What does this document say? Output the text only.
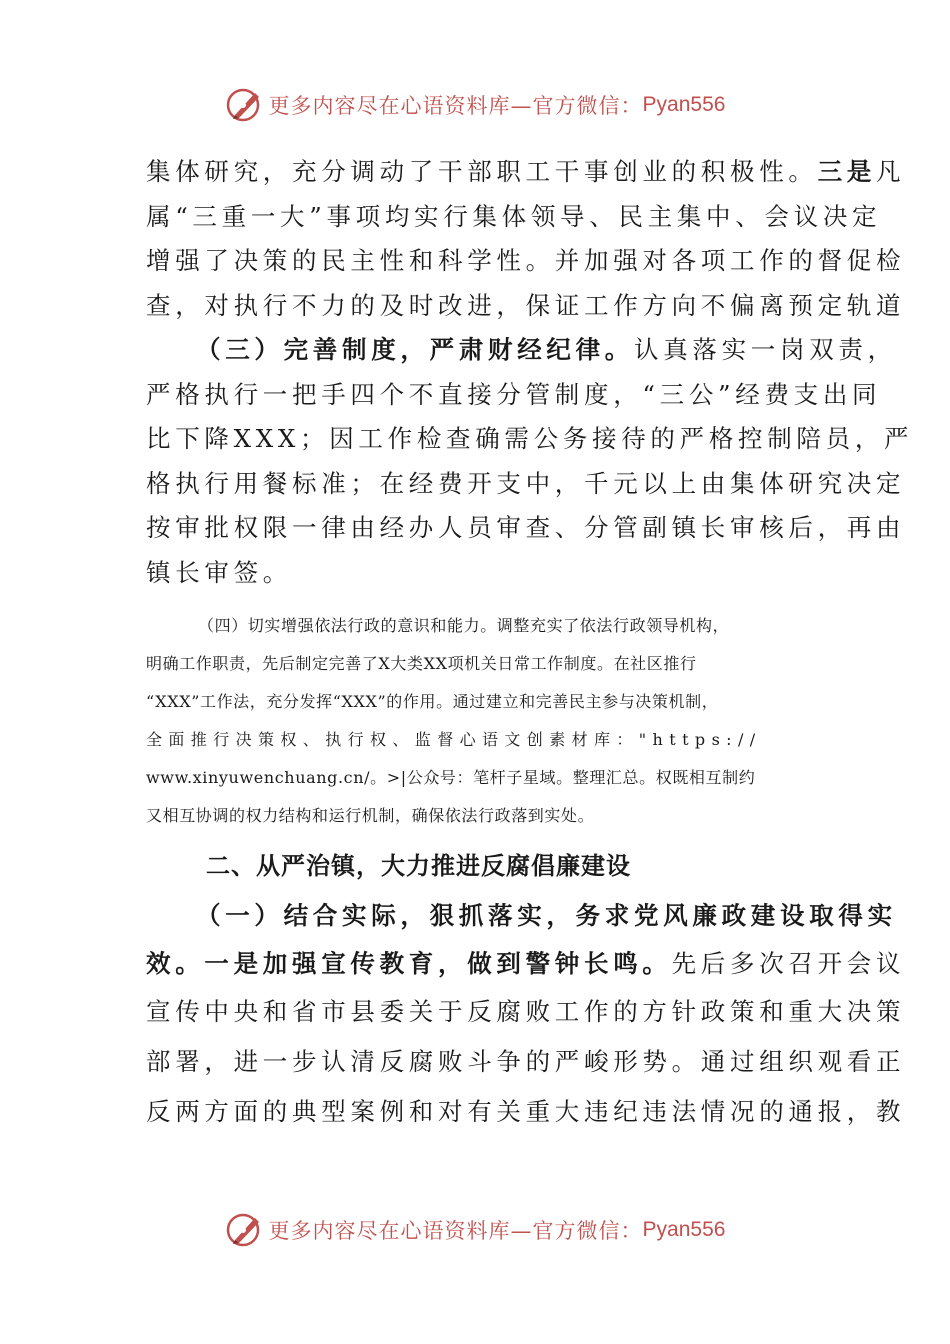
更多内容尽在心语资料库—官方微信： Pyan556
集体研究，充分调动了干部职工干事创业的积极性。三是凡
属“三重一大”事项均实行集体领导、民主集中、会议决定
增强了决策的民主性和科学性。并加强对各项工作的督促检
查，对执行不力的及时改进，保证工作方向不偏离预定轨道
（三）完善制度，严肃财经纪律。认真落实一岗双责，
严格执行一把手四个不直接分管制度，“三公”经费支出同
比下降XXX；因工作检查确需公务接待的严格控制陪员，严
格执行用餐标准；在经费开支中，千元以上由集体研究决定
按审批权限一律由经办人员审查、分管副镇长审核后，再由
镇长审签。
（四）切实增强依法行政的意识和能力。调整充实了依法行政领导机构，
明确工作职责，先后制定完善了X大类XX项机关日常工作制度。在社区推行
“XXX”工作法，充分发挥“XXX”的作用。通过建立和完善民主参与决策机制，
全面推行决策权、执行权、监督心语文创素材库："https://
www.xinyuwenchuang.cn/。>|公众号：笔杆子星域。整理汇总。权既相互制约
又相互协调的权力结构和运行机制，确保依法行政落到实处。
二、从严治镇，大力推进反腐倡廉建设
（一）结合实际，狠抓落实，务求党风廉政建设取得实
效。一是加强宣传教育，做到警钟长鸣。先后多次召开会议
宣传中央和省市县委关于反腐败工作的方针政策和重大决策
部署，进一步认清反腐败斗争的严峻形势。通过组织观看正
反两方面的典型案例和对有关重大违纪违法情况的通报，教
更多内容尽在心语资料库—官方微信： Pyan556
